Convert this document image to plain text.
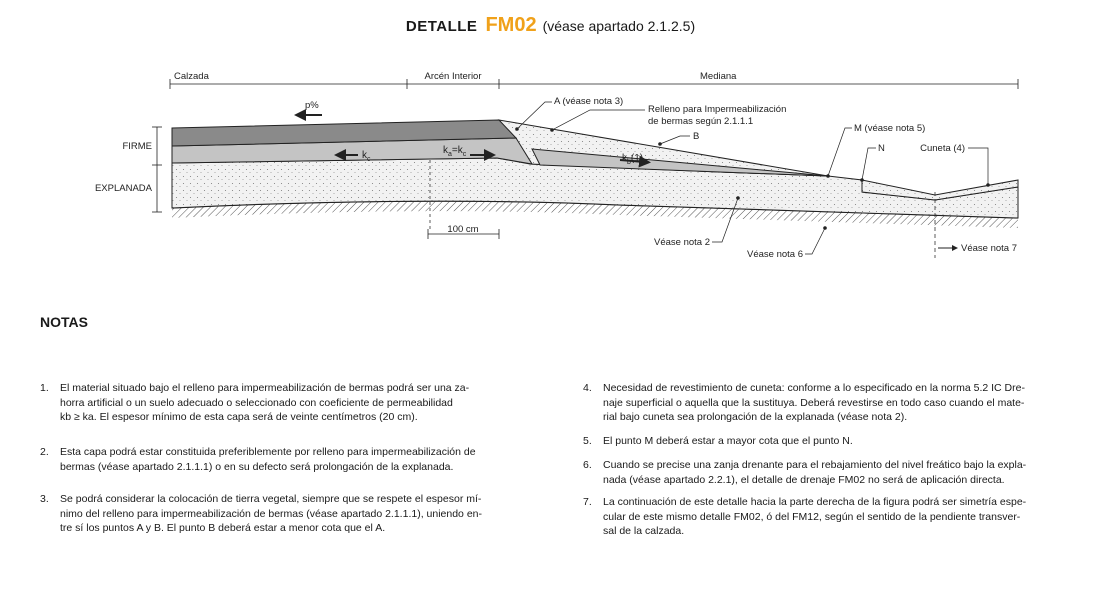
DETALLE FM02 (véase apartado 2.1.2.5)
Calzada	Arcén Interior	Mediana
FIRME
EXPLANADA
100 cm
p%
$k_c$
$k_a=k_c$	$k_b(1)$
A (véase nota 3)
Relleno para Impermeabilización
de bermas según 2.1.1.1
B
M (véase nota 5)
N	Cuneta (4)
Véase nota 2
Véase nota 6
Véase nota 7
NOTAS
1. El material situado bajo el relleno para impermeabilización de bermas podrá ser una za-
horra artificial o un suelo adecuado o seleccionado con coeficiente de permeabilidad
kb ≥ ka. El espesor mínimo de esta capa será de veinte centímetros (20 cm).
2. Esta capa podrá estar constituida preferiblemente por relleno para impermeabilización de
bermas (véase apartado 2.1.1.1) o en su defecto será prolongación de la explanada.
3. Se podrá considerar la colocación de tierra vegetal, siempre que se respete el espesor mí-
nimo del relleno para impermeabilización de bermas (véase apartado 2.1.1.1), uniendo en-
tre sí los puntos A y B. El punto B deberá estar a menor cota que el A.
4. Necesidad de revestimiento de cuneta: conforme a lo especificado en la norma 5.2 IC Dre-
naje superficial o aquella que la sustituya. Deberá revestirse en todo caso cuando el mate-
rial bajo cuneta sea prolongación de la explanada (véase nota 2).
5. El punto M deberá estar a mayor cota que el punto N.
6. Cuando se precise una zanja drenante para el rebajamiento del nivel freático bajo la expla-
nada (véase apartado 2.2.1), el detalle de drenaje FM02 no será de aplicación directa.
7. La continuación de este detalle hacia la parte derecha de la figura podrá ser simetría espe-
cular de este mismo detalle FM02, ó del FM12, según el sentido de la pendiente transver-
sal de la calzada.
